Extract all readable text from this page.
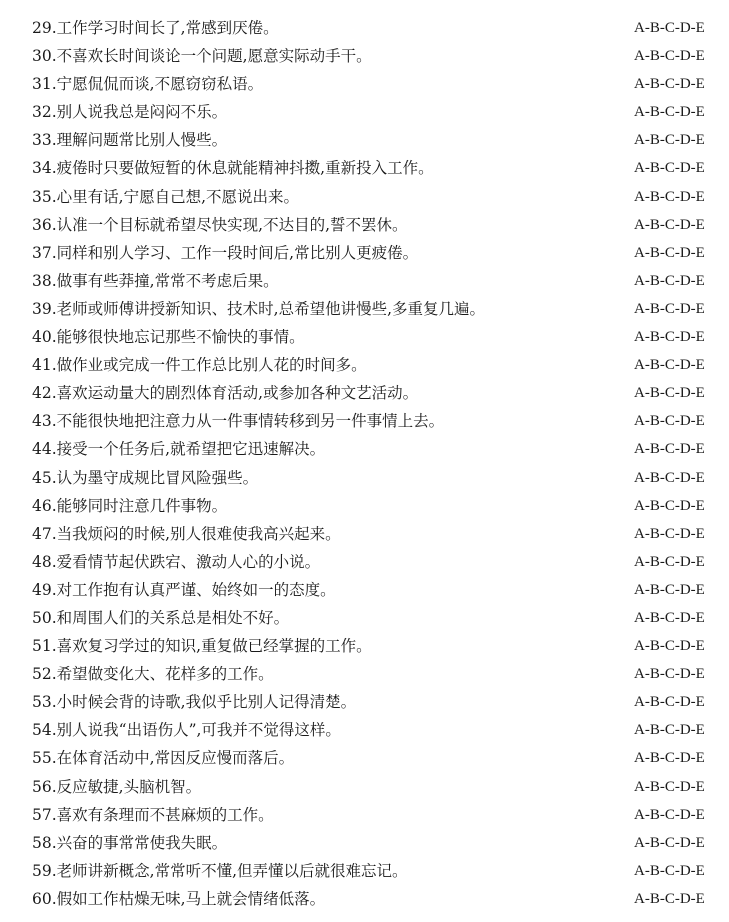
29.工作学习时间长了,常感到厌倦。	A-B-C-D-E
30.不喜欢长时间谈论一个问题,愿意实际动手干。	A-B-C-D-E
31.宁愿侃侃而谈,不愿窃窃私语。	A-B-C-D-E
32.别人说我总是闷闷不乐。	A-B-C-D-E
33.理解问题常比别人慢些。	A-B-C-D-E
34.疲倦时只要做短暂的休息就能精神抖擞,重新投入工作。	A-B-C-D-E
35.心里有话,宁愿自己想,不愿说出来。	A-B-C-D-E
36.认准一个目标就希望尽快实现,不达目的,誓不罢休。	A-B-C-D-E
37.同样和别人学习、工作一段时间后,常比别人更疲倦。	A-B-C-D-E
38.做事有些莽撞,常常不考虑后果。	A-B-C-D-E
39.老师或师傅讲授新知识、技术时,总希望他讲慢些,多重复几遍。	A-B-C-D-E
40.能够很快地忘记那些不愉快的事情。	A-B-C-D-E
41.做作业或完成一件工作总比别人花的时间多。	A-B-C-D-E
42.喜欢运动量大的剧烈体育活动,或参加各种文艺活动。	A-B-C-D-E
43.不能很快地把注意力从一件事情转移到另一件事情上去。	A-B-C-D-E
44.接受一个任务后,就希望把它迅速解决。	A-B-C-D-E
45.认为墨守成规比冒风险强些。	A-B-C-D-E
46.能够同时注意几件事物。	A-B-C-D-E
47.当我烦闷的时候,别人很难使我高兴起来。	A-B-C-D-E
48.爱看情节起伏跌宕、激动人心的小说。	A-B-C-D-E
49.对工作抱有认真严谨、始终如一的态度。	A-B-C-D-E
50.和周围人们的关系总是相处不好。	A-B-C-D-E
51.喜欢复习学过的知识,重复做已经掌握的工作。	A-B-C-D-E
52.希望做变化大、花样多的工作。	A-B-C-D-E
53.小时候会背的诗歌,我似乎比别人记得清楚。	A-B-C-D-E
54.别人说我“出语伤人”,可我并不觉得这样。	A-B-C-D-E
55.在体育活动中,常因反应慢而落后。	A-B-C-D-E
56.反应敏捷,头脑机智。	A-B-C-D-E
57.喜欢有条理而不甚麻烦的工作。	A-B-C-D-E
58.兴奋的事常常使我失眠。	A-B-C-D-E
59.老师讲新概念,常常听不懂,但弄懂以后就很难忘记。	A-B-C-D-E
60.假如工作枯燥无味,马上就会情绪低落。	A-B-C-D-E
